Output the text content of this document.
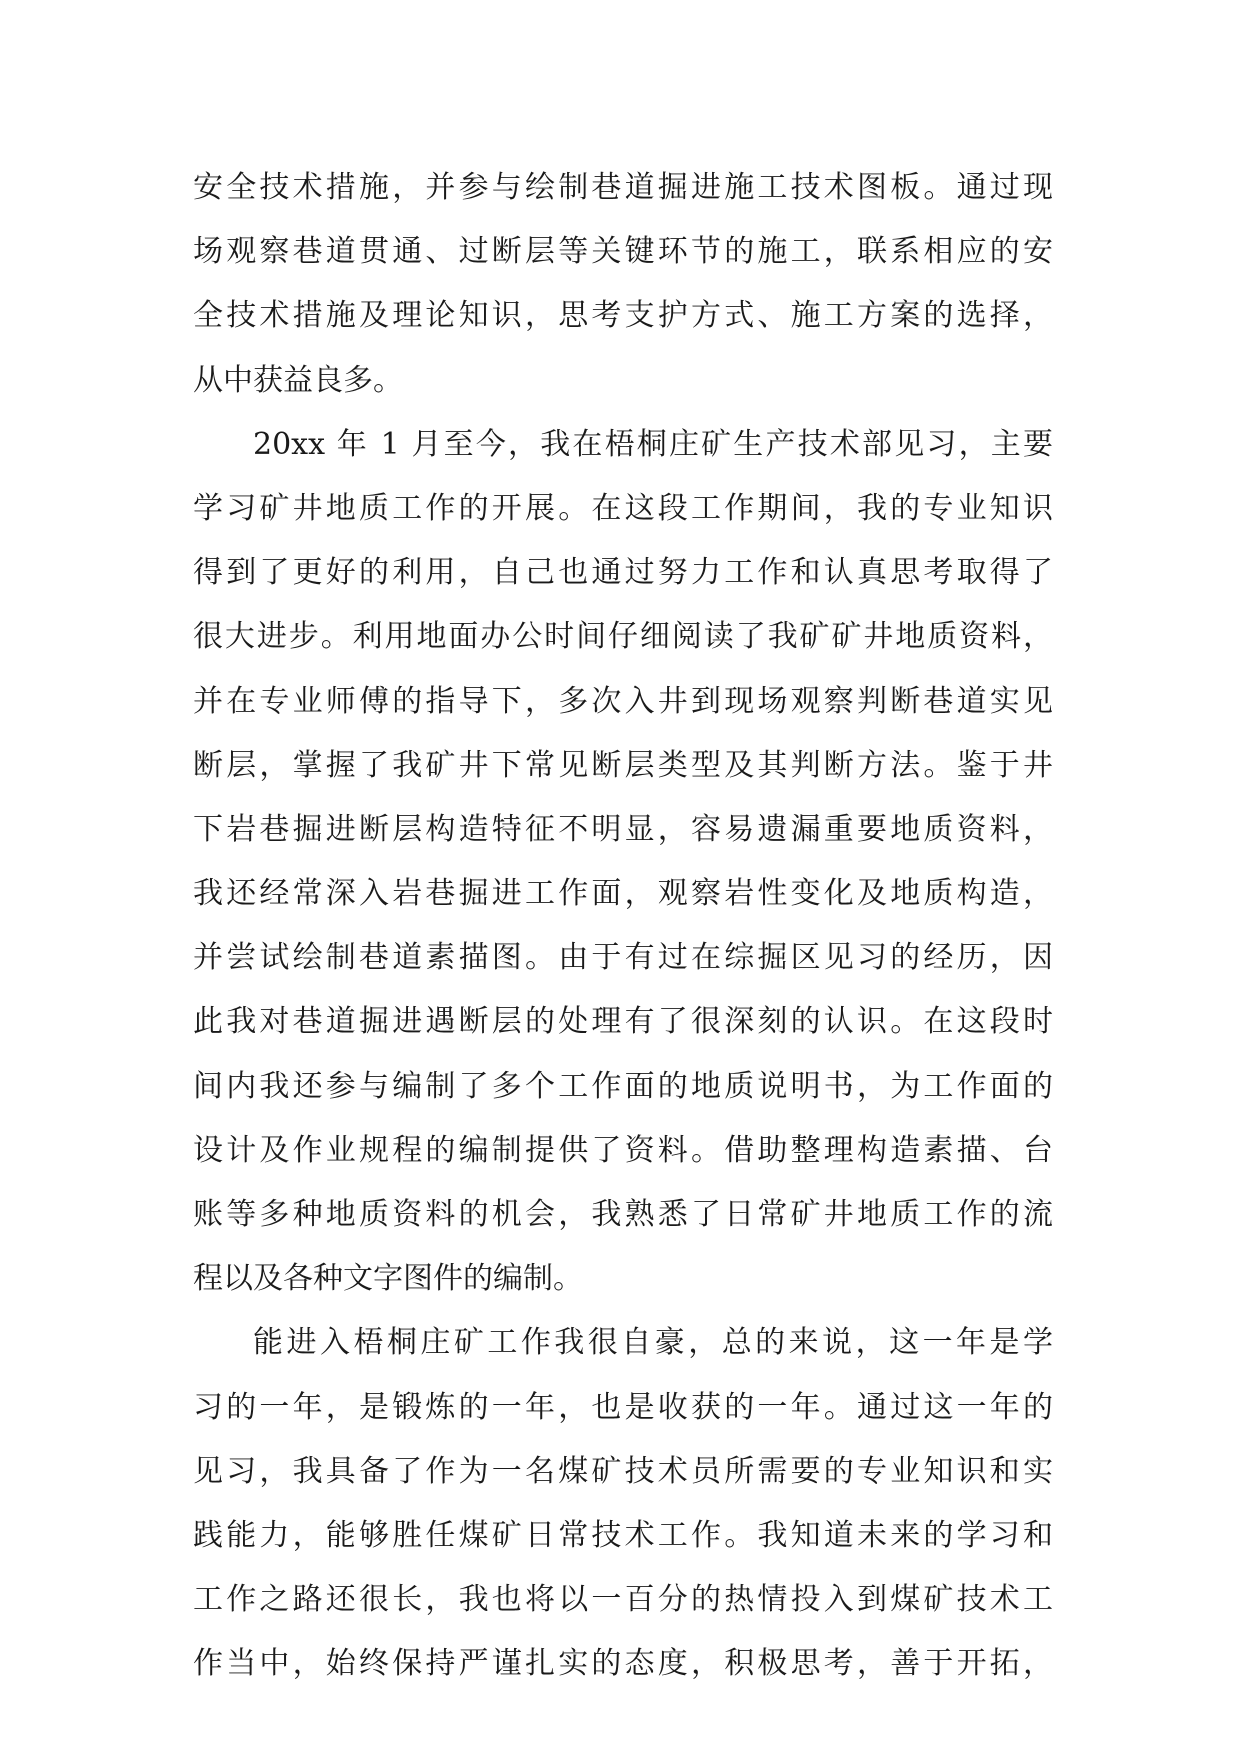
安全技术措施，并参与绘制巷道掘进施工技术图板。通过现
场观察巷道贯通、过断层等关键环节的施工，联系相应的安
全技术措施及理论知识，思考支护方式、施工方案的选择，
从中获益良多。
20xx 年 1 月至今，我在梧桐庄矿生产技术部见习，主要
学习矿井地质工作的开展。在这段工作期间，我的专业知识
得到了更好的利用，自己也通过努力工作和认真思考取得了
很大进步。利用地面办公时间仔细阅读了我矿矿井地质资料，
并在专业师傅的指导下，多次入井到现场观察判断巷道实见
断层，掌握了我矿井下常见断层类型及其判断方法。鉴于井
下岩巷掘进断层构造特征不明显，容易遗漏重要地质资料，
我还经常深入岩巷掘进工作面，观察岩性变化及地质构造，
并尝试绘制巷道素描图。由于有过在综掘区见习的经历，因
此我对巷道掘进遇断层的处理有了很深刻的认识。在这段时
间内我还参与编制了多个工作面的地质说明书，为工作面的
设计及作业规程的编制提供了资料。借助整理构造素描、台
账等多种地质资料的机会，我熟悉了日常矿井地质工作的流
程以及各种文字图件的编制。
能进入梧桐庄矿工作我很自豪，总的来说，这一年是学
习的一年，是锻炼的一年，也是收获的一年。通过这一年的
见习，我具备了作为一名煤矿技术员所需要的专业知识和实
践能力，能够胜任煤矿日常技术工作。我知道未来的学习和
工作之路还很长，我也将以一百分的热情投入到煤矿技术工
作当中，始终保持严谨扎实的态度，积极思考，善于开拓，
